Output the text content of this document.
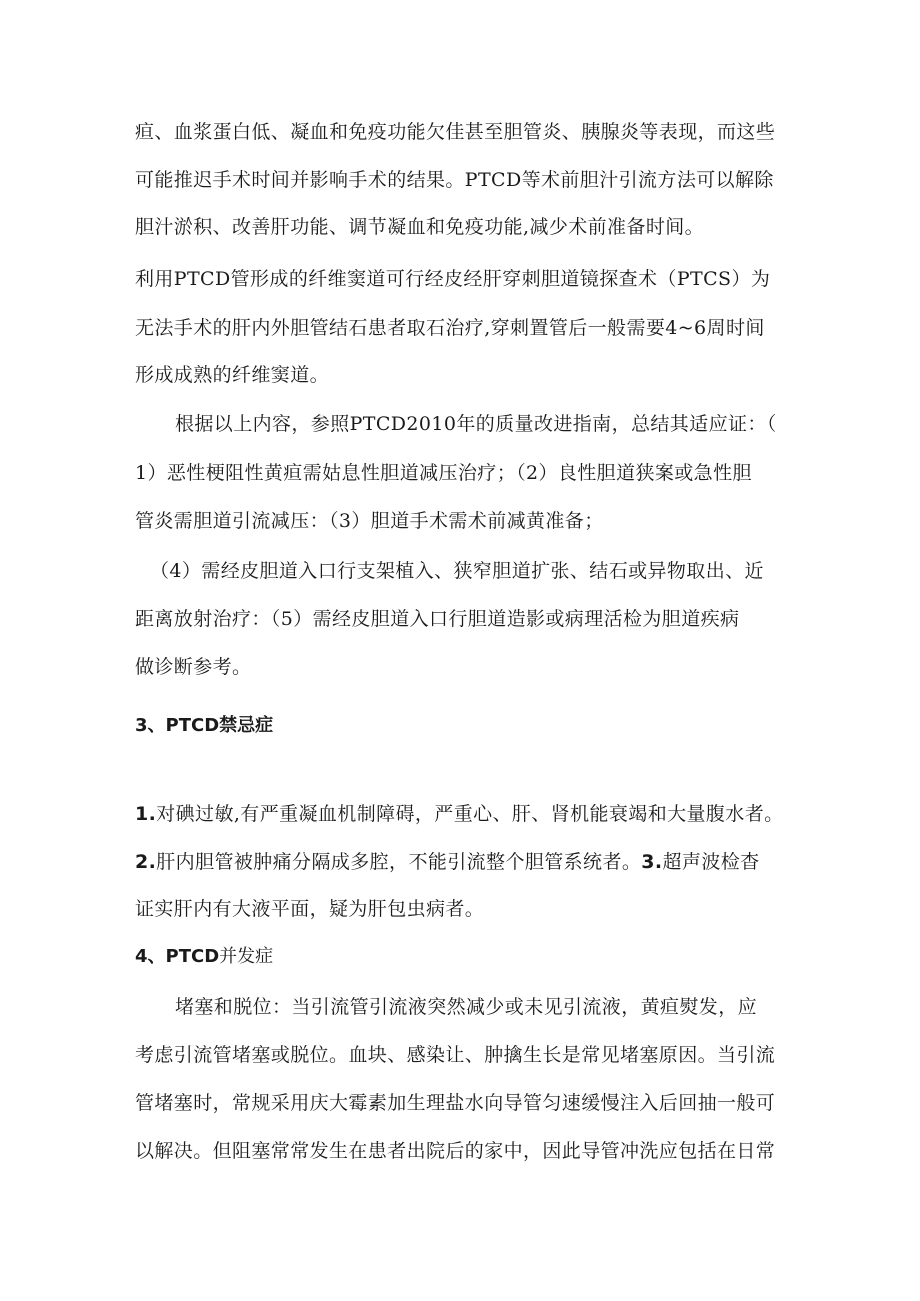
疸、血浆蛋白低、凝血和免疫功能欠佳甚至胆管炎、胰腺炎等表现，而这些
可能推迟手术时间并影响手术的结果。PTCD等术前胆汁引流方法可以解除
胆汁淤积、改善肝功能、调节凝血和免疫功能,减少术前准备时间。
利用PTCD管形成的纤维窦道可行经皮经肝穿刺胆道镜探查术（PTCS）为
无法手术的肝内外胆管结石患者取石治疗,穿刺置管后一般需要4~6周时间
形成成熟的纤维窦道。
根据以上内容，参照PTCD2010年的质量改进指南，总结其适应证：（
1）恶性梗阻性黄疸需姑息性胆道减压治疗；（2）良性胆道狭案或急性胆
管炎需胆道引流减压：（3）胆道手术需术前减黄准备；
（4）需经皮胆道入口行支架植入、狭窄胆道扩张、结石或异物取出、近
距离放射治疗：（5）需经皮胆道入口行胆道造影或病理活检为胆道疾病
做诊断参考。
3、PTCD禁忌症
1.对碘过敏,有严重凝血机制障碍，严重心、肝、肾机能衰竭和大量腹水者。
2.肝内胆管被肿痛分隔成多腔，不能引流整个胆管系统者。3.超声波检杳
证实肝内有大液平面，疑为肝包虫病者。
4、PTCD并发症
堵塞和脱位：当引流管引流液突然减少或未见引流液，黄疸熨发，应
考虑引流管堵塞或脱位。血块、感染让、肿擒生长是常见堵塞原因。当引流
管堵塞时，常规采用庆大霉素加生理盐水向导管匀速缓慢注入后回抽一般可
以解决。但阻塞常常发生在患者出院后的家中，因此导管冲洗应包括在日常
